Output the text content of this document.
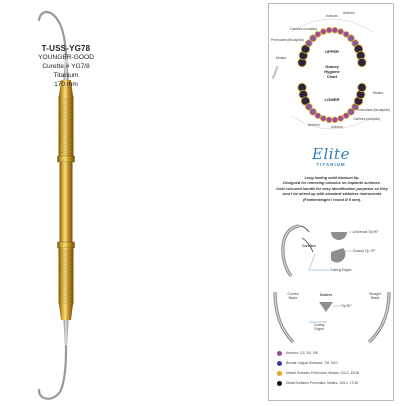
T-USS-YG78
YOUNGER-GOOD
Curette # YG7/8
Titanium
170 mm
UPPER
Gracey
Hygiene
Chart
LOWER
Incisors
Anterior
Canines (cuspids)
Premolars (bicuspids)
Molars
Posterior
Molars
Premolars (bicuspids)
Canines (cuspids)
Incisors
Anterior
Elite
TITANIUM
Long lasting solid titanium tip.
Designed for removing calculus on implants surfaces.
Gold coloured handle for easy identification purposes so they
won't be mixed up with standard stainless instruments
(Featherweight / round Ø 9 mm).
Curettes
Universal Tip 90°
Gracey Tip 70°
Cutting Edges
Curved Blade
Straight Blade
Scalers
Tip 90°
Cutting Edges
Anterior: 1/2, 3/4, 5/6
Buccal Lingual Surfaces: 7/8, 9/10
Mesial Surfaces Premolars, Molars: 11/12, 15/16
Distal Surfaces Premolars, Molars: 13/14, 17/18
